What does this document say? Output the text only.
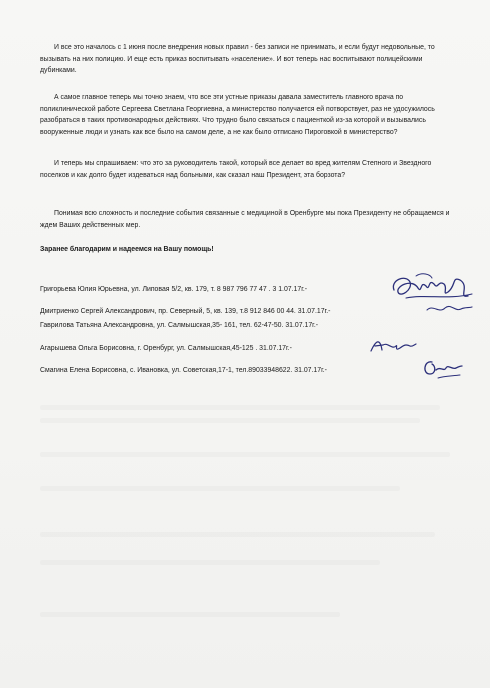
И все это началось с 1 июня после внедрения новых правил - без записи не принимать, и если будут недовольные, то вызывать на них полицию. И еще есть приказ воспитывать «население». И вот теперь нас воспитывают полицейскими дубинками.

А самое главное теперь мы точно знаем, что все эти устные приказы давала заместитель главного врача по поликлинической работе Сергеева Светлана Георгиевна, а министерство получается ей потворствует, раз не удосужилось разобраться в таких противонародных действиях. Что трудно было связаться с пациенткой из-за которой и вызывались вооруженные люди и узнать как все было на самом деле, а не как было отписано Пироговкой в министерство?

И теперь мы спрашиваем: что это за руководитель такой, который все делает во вред жителям Степного и Звездного поселков и как долго будет издеваться над больными, как сказал наш Президент, эта борзота?

Понимая всю сложность и последние события связанные с медициной в Оренбурге мы пока Президенту не обращаемся и ждем Ваших действенных мер.

Заранее благодарим и надеемся на Вашу помощь!

Григорьева Юлия Юрьевна, ул. Липовая 5/2, кв. 179, т. 8 987 796 77 47 . 3 1.07.17г.-
Дмитриенко Сергей Александрович, пр. Северный, 5, кв. 139, т.8 912 846 00 44. 31.07.17г.-
Гаврилова Татьяна Александровна, ул. Салмышская,35- 161, тел. 62-47-50. 31.07.17г.-
Агарышева Ольга Борисовна, г. Оренбург, ул. Салмышская,45-125 . 31.07.17г.-
Смагина Елена Борисовна, с. Ивановка, ул. Советская,17-1, тел.89033948622. 31.07.17г.-
